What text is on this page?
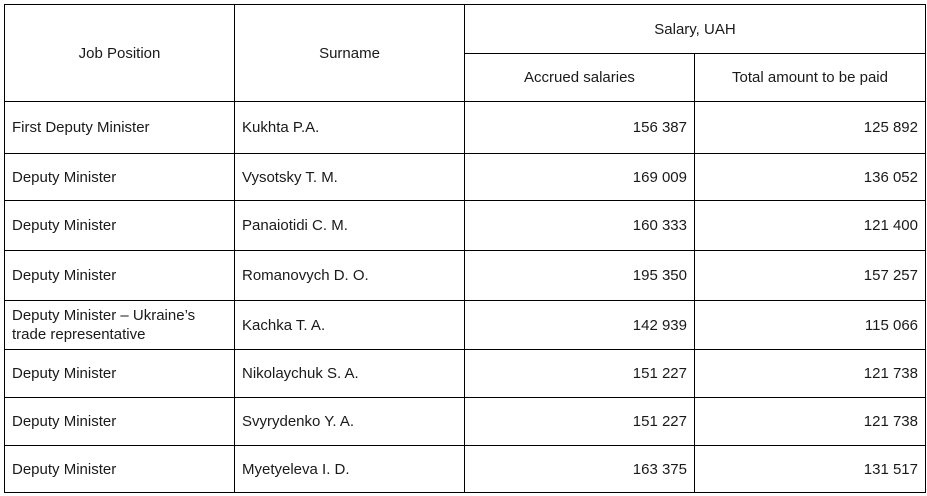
Job Position	Surname	Salary, UAH	
		Accrued salaries	Total amount to be paid
First Deputy Minister	Kukhta P.A.	156 387	125 892
Deputy Minister	Vysotsky T. M.	169 009	136 052
Deputy Minister	Panaiotidi C. M.	160 333	121 400
Deputy Minister	Romanovych D. O.	195 350	157 257
Deputy Minister – Ukraine’s trade representative	Kachka T. A.	142 939	115 066
Deputy Minister	Nikolaychuk S. A.	151 227	121 738
Deputy Minister	Svyrydenko Y. A.	151 227	121 738
Deputy Minister	Myetyeleva I. D.	163 375	131 517
